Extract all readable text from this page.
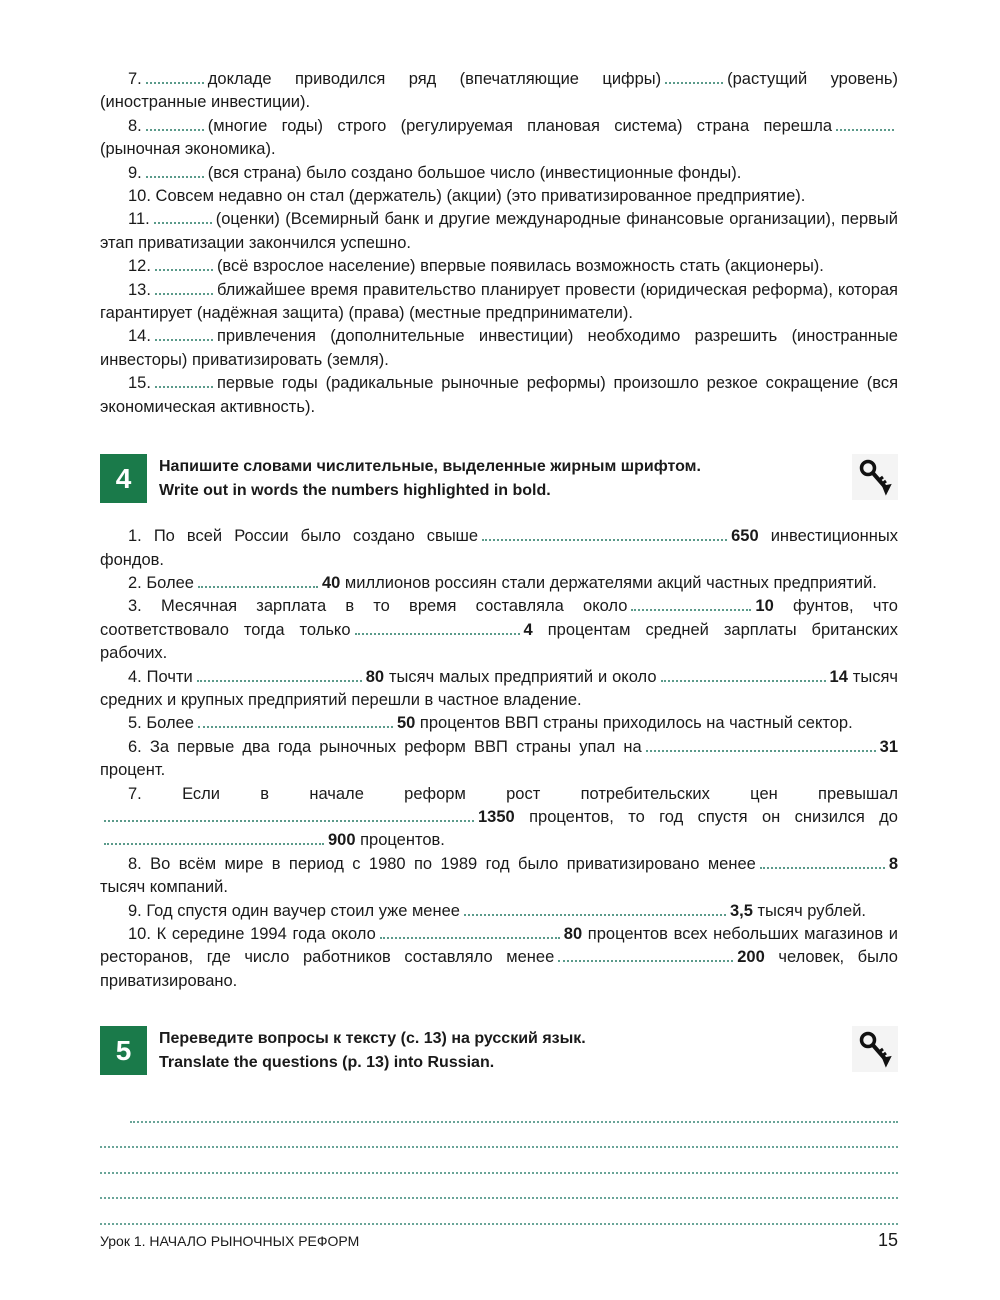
7.	докладе приводился ряд (впечатляющие цифры)	(растущий уровень) (иностранные инвестиции).

8.	(многие годы) строго (регулируемая плановая система) страна перешла(рыночная экономика).

9.	(вся страна) было создано большое число (инвестиционные фонды).

10. Совсем недавно он стал (держатель) (акции) (это приватизированное предприятие).

11.	(оценки) (Всемирный банк и другие международные финансовые организации), первый этап приватизации закончился успешно.

12.	(всё взрослое население) впервые появилась возможность стать (акционеры).

13.	ближайшее время правительство планирует провести (юридическая реформа), которая гарантирует (надёжная защита) (права) (местные предприниматели).

14.	привлечения (дополнительные инвестиции) необходимо разрешить (иностранные инвесторы) приватизировать (земля).

15.	первые годы (радикальные рыночные реформы) произошло резкое сокращение (вся экономическая активность).

4	Напишите словами числительные, выделенные жирным шрифтом.
Write out in words the numbers highlighted in bold.

1. По всей России было создано свыше	650 инвестиционных фондов.

2. Более	40 миллионов россиян стали держателями акций частных предприятий.

3. Месячная зарплата в то время составляла около	10 фунтов, что соответствовало тогда только	4 процентам средней зарплаты британских рабочих.

4. Почти	80 тысяч малых предприятий и около	14 тысяч средних и крупных предприятий перешли в частное владение.

5. Более	50 процентов ВВП страны приходилось на частный сектор.

6. За первые два года рыночных реформ ВВП страны упал на	31 процент.

7. Если в начале реформ рост потребительских цен превышал1350 процентов, то год спустя он снизился до900 процентов.

8. Во всём мире в период с 1980 по 1989 год было приватизировано менее	8 тысяч компаний.

9. Год спустя один ваучер стоил уже менее	3,5 тысяч рублей.

10. К середине 1994 года около	80 процентов всех небольших магазинов и ресторанов, где число работников составляло менее	200 человек, было приватизировано.

5	Переведите вопросы к тексту (с. 13) на русский язык.
Translate the questions (p. 13) into Russian.
Урок 1. НАЧАЛО РЫНОЧНЫХ РЕФОРМ	15
